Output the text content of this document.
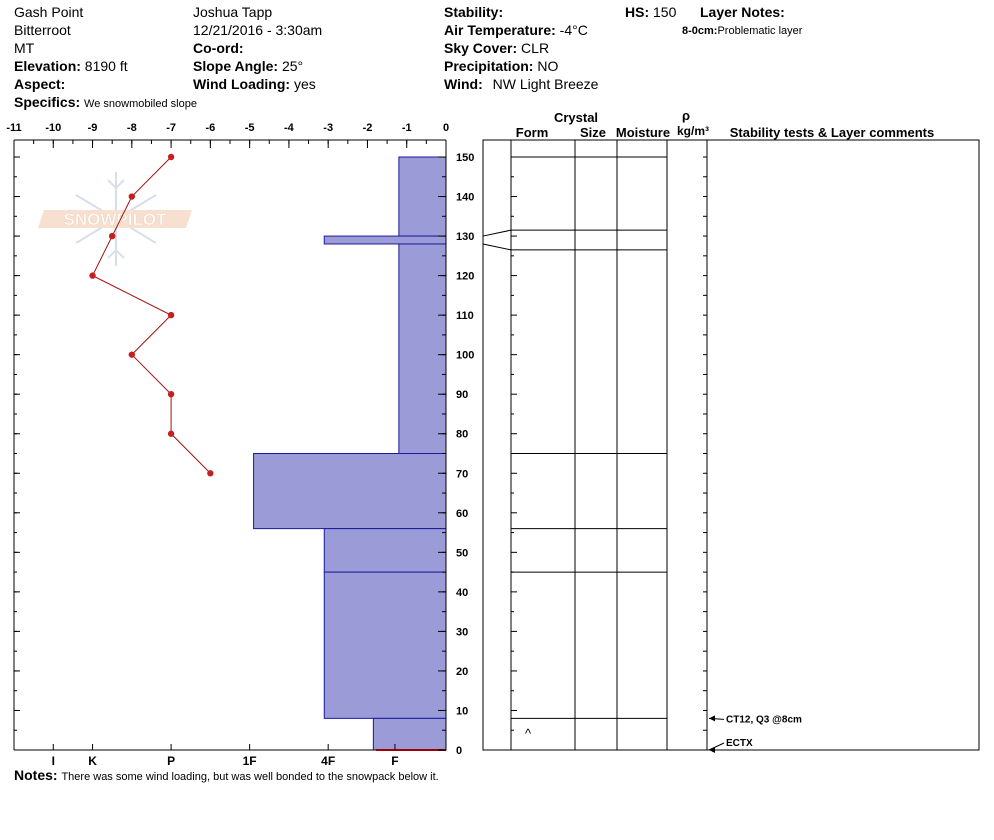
Gash Point
Bitterroot
MT
Elevation: 8190 ft
Aspect:
Specifics: We snowmobiled slope
Joshua Tapp
12/21/2016 - 3:30am
Co-ord:
Slope Angle: 25°
Wind Loading: yes
Stability:
Air Temperature: -4°C
Sky Cover: CLR
Precipitation: NO
Wind: NW Light Breeze
HS: 150 Layer Notes:
8-0cm:Problematic layer
SNOWPILOT
-11 -10 -9	-8	-7	-6	-5	-4	-3	-2	-1	0
0
10
20
30
40
50
60
70
80
90
100
110
120
130
140
150
I	K	P	1F	4F	F
^
CT12, Q3 @8cm
ECTX
Crystal
Form Size Moisture
ρ
kg/m³ Stability tests & Layer comments
Notes: There was some wind loading, but was well bonded to the snowpack below it.
